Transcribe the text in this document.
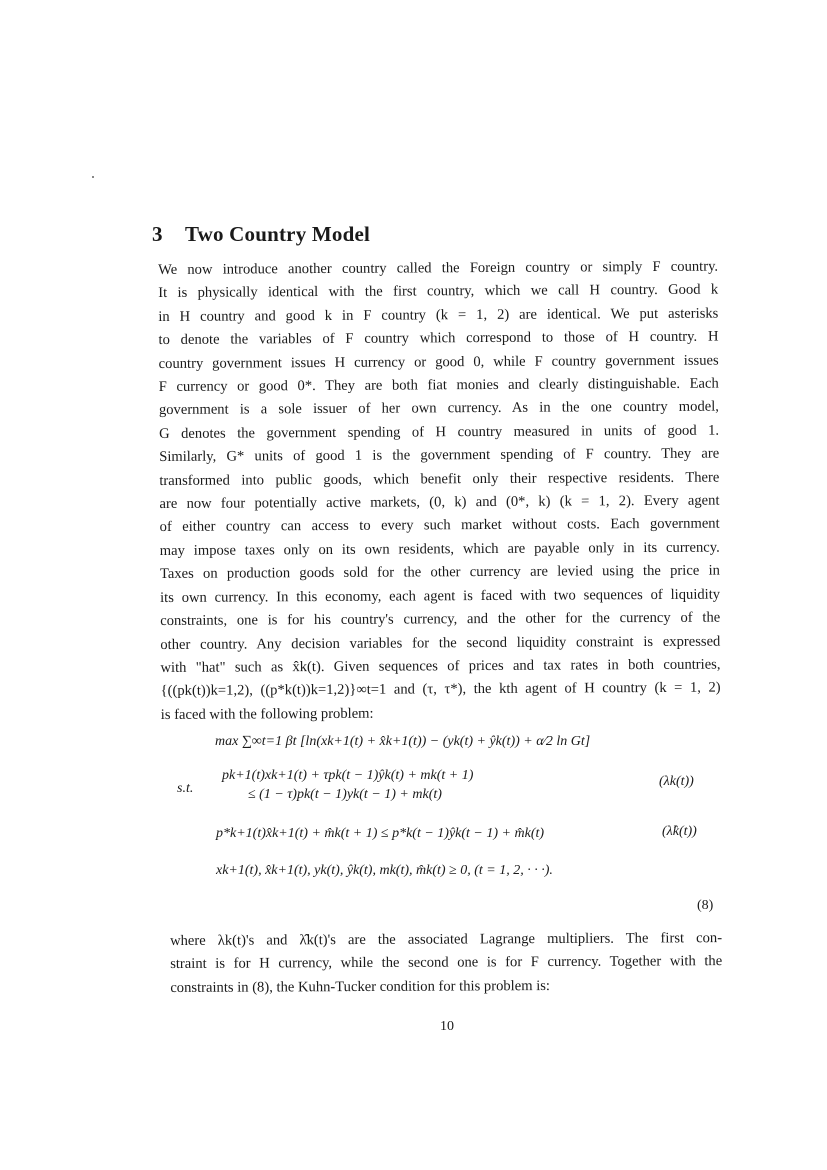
3 Two Country Model
We now introduce another country called the Foreign country or simply F country.
It is physically identical with the first country, which we call H country. Good k
in H country and good k in F country (k = 1, 2) are identical. We put asterisks
to denote the variables of F country which correspond to those of H country. H
country government issues H currency or good 0, while F country government issues
F currency or good 0*. They are both fiat monies and clearly distinguishable. Each
government is a sole issuer of her own currency. As in the one country model,
G denotes the government spending of H country measured in units of good 1.
Similarly, G* units of good 1 is the government spending of F country. They are
transformed into public goods, which benefit only their respective residents. There
are now four potentially active markets, (0, k) and (0*, k) (k = 1, 2). Every agent
of either country can access to every such market without costs. Each government
may impose taxes only on its own residents, which are payable only in its currency.
Taxes on production goods sold for the other currency are levied using the price in
its own currency. In this economy, each agent is faced with two sequences of liquidity
constraints, one is for his country's currency, and the other for the currency of the
other country. Any decision variables for the second liquidity constraint is expressed
with "hat" such as x̂k(t). Given sequences of prices and tax rates in both countries,
{((pk(t))k=1,2), ((p*k(t))k=1,2)}∞t=1 and (τ, τ*), the kth agent of H country (k = 1, 2)
is faced with the following problem:
max ∑∞t=1 βt [ln(xk+1(t) + x̂k+1(t)) − (yk(t) + ŷk(t)) + α⁄2 ln Gt]
s.t.
pk+1(t)xk+1(t) + τpk(t − 1)ŷk(t) + mk(t + 1)
≤ (1 − τ)pk(t − 1)yk(t − 1) + mk(t)
(λk(t))
p*k+1(t)x̂k+1(t) + m̂k(t + 1) ≤ p*k(t − 1)ŷk(t − 1) + m̂k(t)	(λ̂k(t))
xk+1(t), x̂k+1(t), yk(t), ŷk(t), mk(t), m̂k(t) ≥ 0, (t = 1, 2, · · ·).
(8)
where λk(t)'s and λ̂k(t)'s are the associated Lagrange multipliers. The first con-
straint is for H currency, while the second one is for F currency. Together with the
constraints in (8), the Kuhn-Tucker condition for this problem is:
10
